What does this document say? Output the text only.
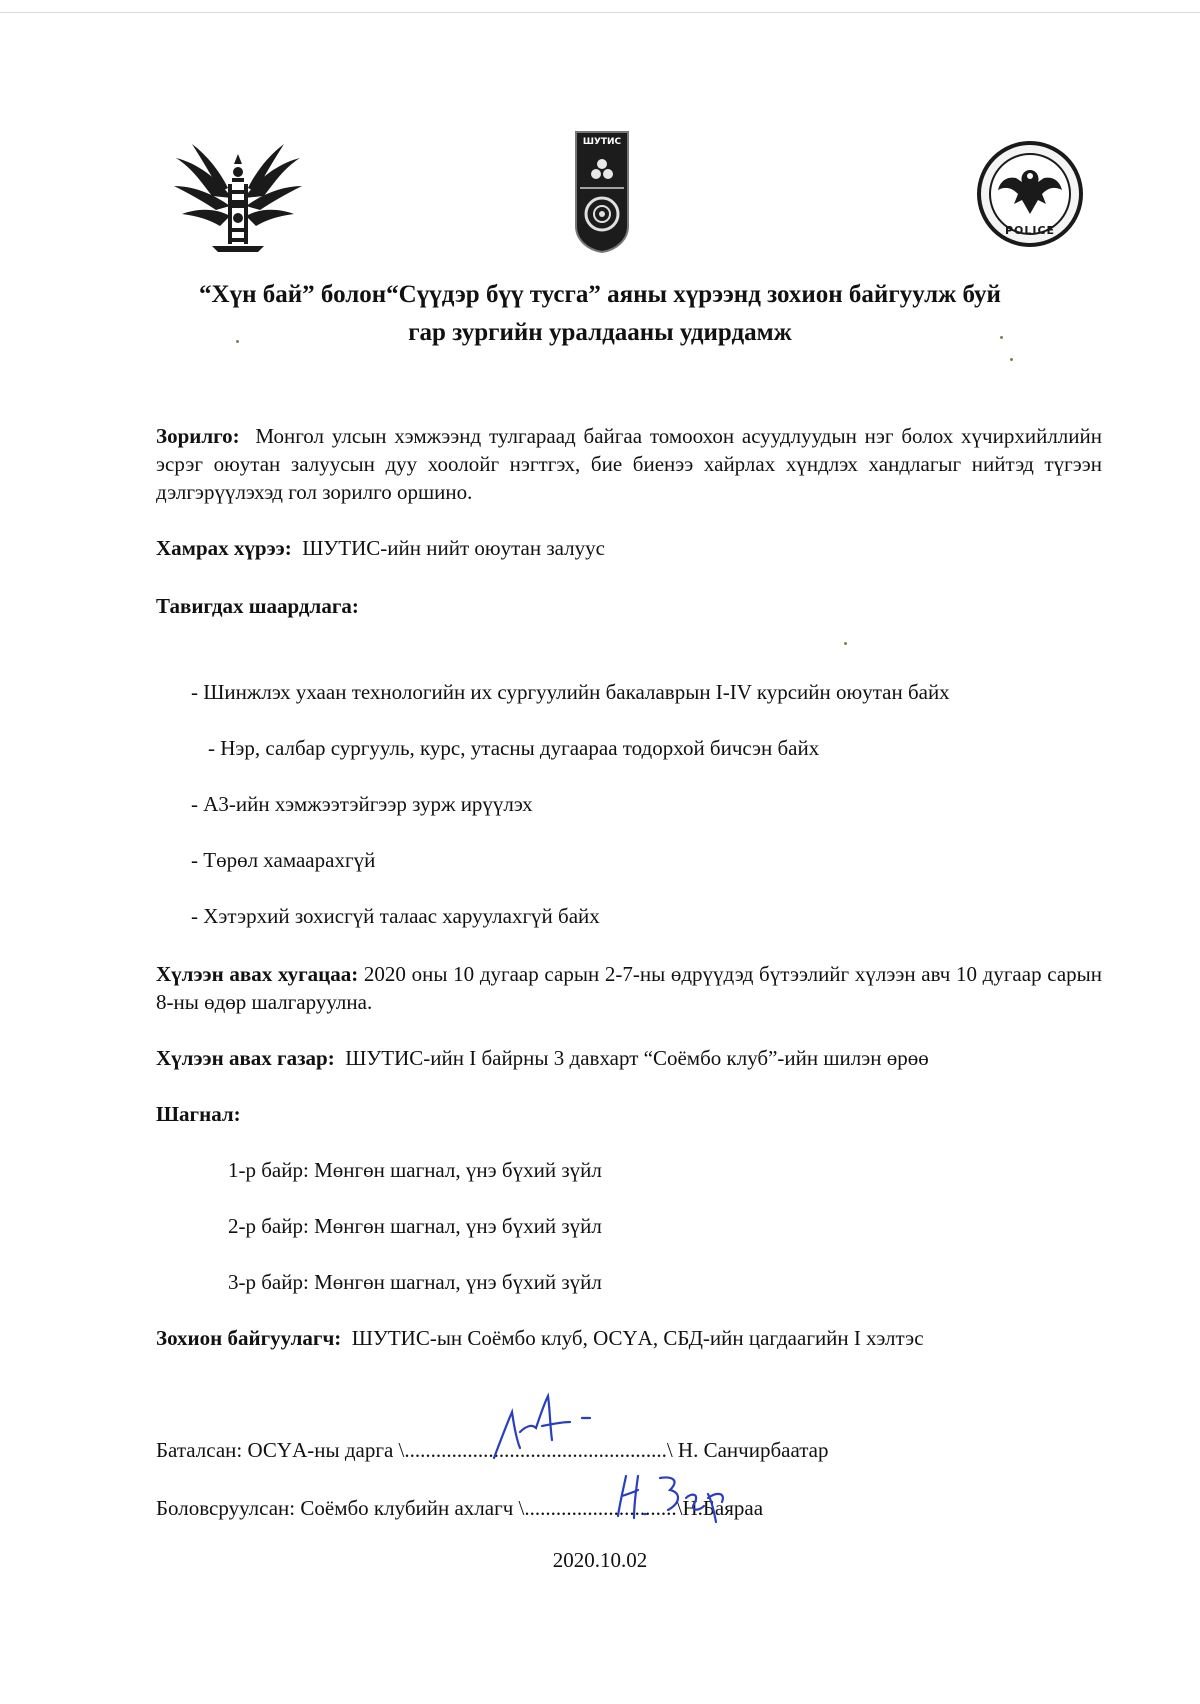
ШУТИС
POLICE
“Хүн бай” болон“Сүүдэр бүү тусга” аяны хүрээнд зохион байгуулж буй
гар зургийн уралдааны удирдамж

Зорилго: Монгол улсын хэмжээнд тулгараад байгаа томоохон асуудлуудын нэг болох хүчирхийллийн эсрэг оюутан залуусын дуу хоолойг нэгтгэх, бие биенээ хайрлах хүндлэх хандлагыг нийтэд түгээн дэлгэрүүлэхэд гол зорилго оршино.

Хамрах хүрээ: ШУТИС-ийн нийт оюутан залуус

Тавигдах шаардлага:

- Шинжлэх ухаан технологийн их сургуулийн бакалаврын I-IV курсийн оюутан байх
- Нэр, салбар сургууль, курс, утасны дугаараа тодорхой бичсэн байх
- А3-ийн хэмжээтэйгээр зурж ирүүлэх
- Төрөл хамаарахгүй
- Хэтэрхий зохисгүй талаас харуулахгүй байх

Хүлээн авах хугацаа: 2020 оны 10 дугаар сарын 2-7-ны өдрүүдэд бүтээлийг хүлээн авч 10 дугаар сарын 8-ны өдөр шалгаруулна.

Хүлээн авах газар: ШУТИС-ийн I байрны 3 давхарт “Соёмбо клуб”-ийн шилэн өрөө

Шагнал:

1-р байр: Мөнгөн шагнал, үнэ бүхий зүйл
2-р байр: Мөнгөн шагнал, үнэ бүхий зүйл
3-р байр: Мөнгөн шагнал, үнэ бүхий зүйл

Зохион байгуулагч: ШУТИС-ын Соёмбо клуб, ОСҮА, СБД-ийн цагдаагийн I хэлтэс

Баталсан: ОСҮА-ны дарга \..................................................\ Н. Санчирбаатар
Боловсруулсан: Соёмбо клубийн ахлагч \.............................\Н.Баяраа
2020.10.02
